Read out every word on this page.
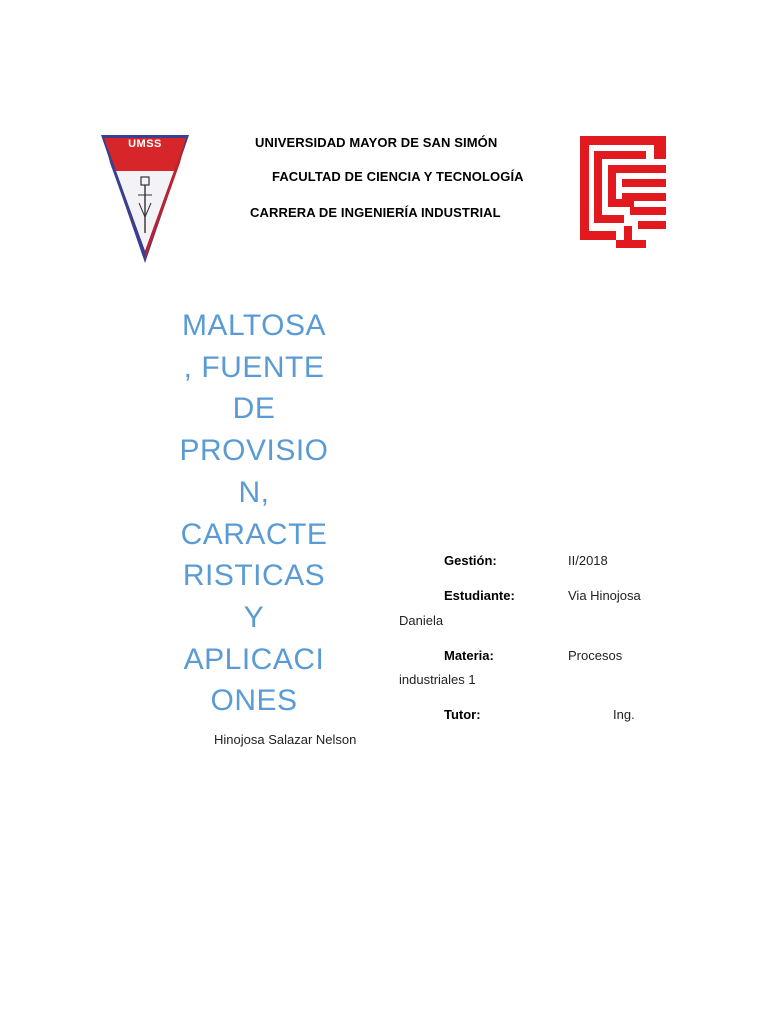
UMSS	UNIVERSIDAD MAYOR DE SAN SIMÓN
FACULTAD DE CIENCIA Y TECNOLOGÍA
CARRERA DE INGENIERÍA INDUSTRIAL
MALTOSA
, FUENTE
DE
PROVISIO
N,
CARACTE
RISTICAS
Y
APLICACI
ONES
Gestión:	II/2018
Estudiante:	Via Hinojosa
Daniela
Materia:	Procesos
industriales 1
Tutor:	Ing.
Hinojosa Salazar Nelson
